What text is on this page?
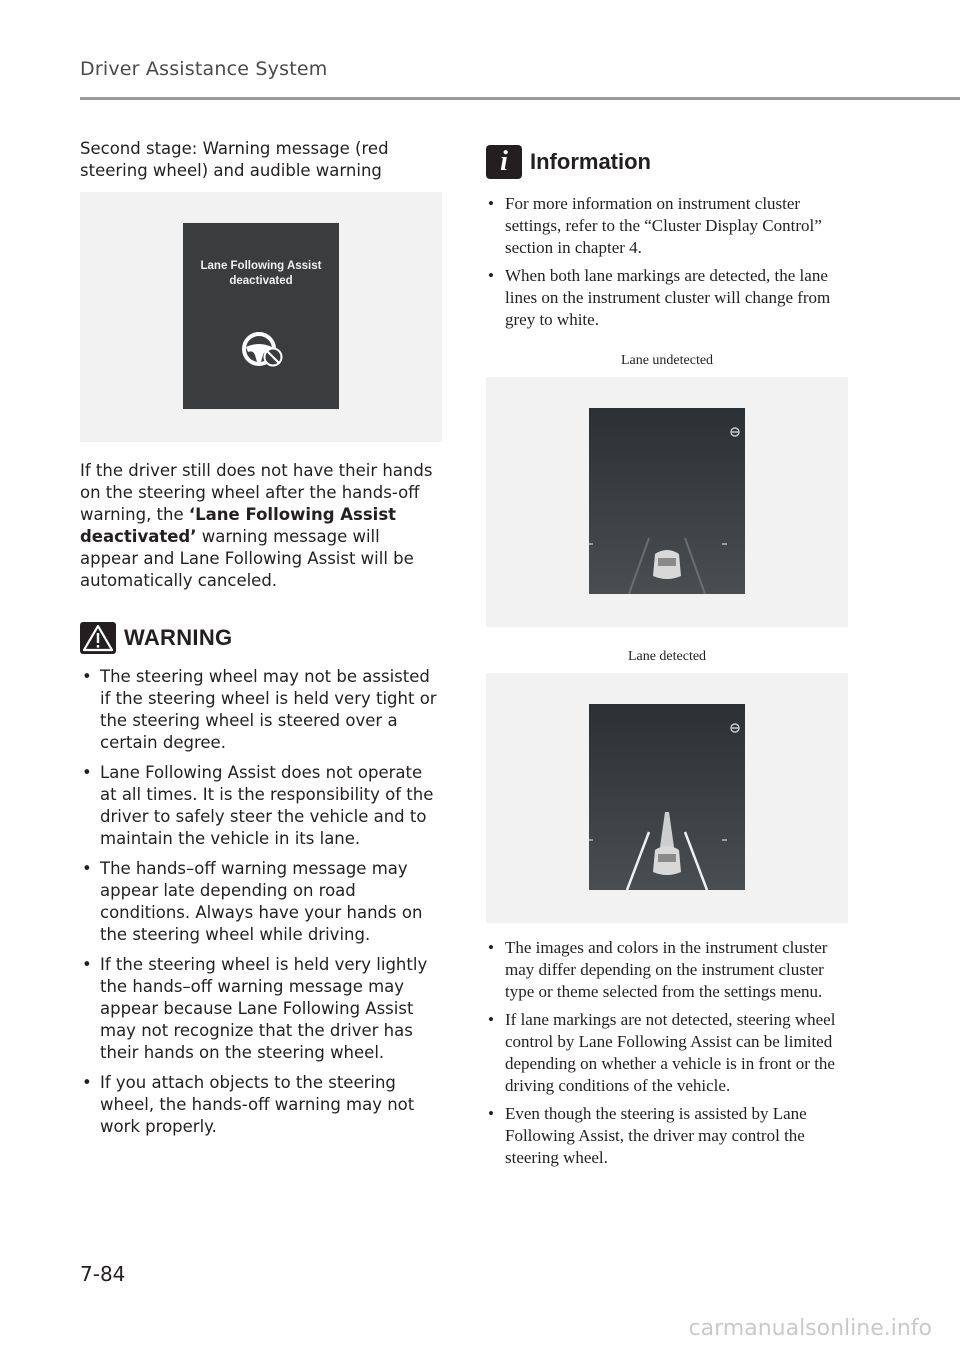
Driver Assistance System

Second stage: Warning message (red steering wheel) and audible warning

Lane Following Assist
deactivated

If the driver still does not have their hands on the steering wheel after the hands-off warning, the ‘Lane Following Assist deactivated’ warning message will appear and Lane Following Assist will be automatically canceled.

WARNING
• The steering wheel may not be assisted if the steering wheel is held very tight or the steering wheel is steered over a certain degree.
• Lane Following Assist does not operate at all times. It is the responsibility of the driver to safely steer the vehicle and to maintain the vehicle in its lane.
• The hands–off warning message may appear late depending on road conditions. Always have your hands on the steering wheel while driving.
• If the steering wheel is held very lightly the hands–off warning message may appear because Lane Following Assist may not recognize that the driver has their hands on the steering wheel.
• If you attach objects to the steering wheel, the hands-off warning may not work properly.
i	Information
• For more information on instrument cluster settings, refer to the “Cluster Display Control” section in chapter 4.
• When both lane markings are detected, the lane lines on the instrument cluster will change from grey to white.
Lane undetected
Lane detected
• The images and colors in the instrument cluster may differ depending on the instrument cluster type or theme selected from the settings menu.
• If lane markings are not detected, steering wheel control by Lane Following Assist can be limited depending on whether a vehicle is in front or the driving conditions of the vehicle.
• Even though the steering is assisted by Lane Following Assist, the driver may control the steering wheel.
7-84
carmanualsonline.info
